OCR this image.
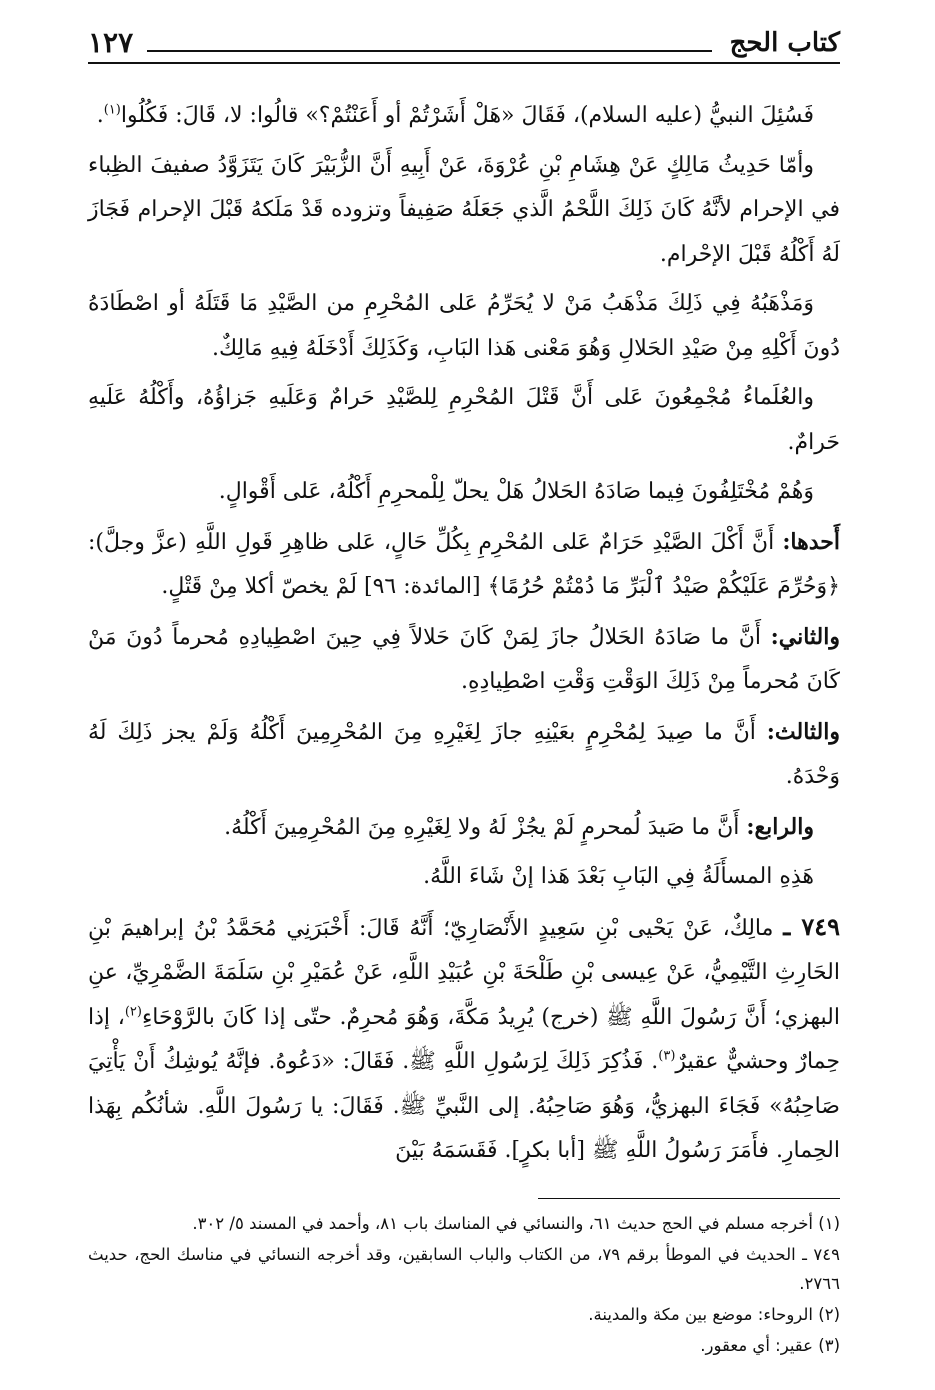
كتاب الحج
١٢٧

فَسُئِلَ النبيُّ (عليه السلام)، فَقَالَ «هَلْ أَشَرْتُمْ أو أَعَنْتُمْ؟» قالُوا: لا، قَالَ: فَكُلُوا$^{(١)}$.

وأمّا حَدِيثُ مَالِكٍ عَنْ هِشَامِ بْنِ عُرْوَةَ، عَنْ أَبِيهِ أَنَّ الزُّبَيْرَ كَانَ يَتَزَوَّدُ صفيفَ الظِباء في الإحرام لأنَّهُ كَانَ ذَلِكَ اللَّحْمُ الَّذي جَعَلَهُ صَفِيفاً وتزوده قَدْ مَلَكهُ قَبْلَ الإحرام فَجَازَ لَهُ أَكْلُهُ قَبْلَ الإحْرام.

وَمَذْهَبُهُ فِي ذَلِكَ مَذْهَبُ مَنْ لا يُحَرِّمُ عَلى المُحْرِمِ من الصَّيْدِ مَا قَتَلَهُ أو اصْطَادَهُ دُونَ أَكْلِهِ مِنْ صَيْدِ الحَلالِ وَهُوَ مَعْنى هَذا البَابِ، وَكَذَلِكَ أَدْخَلَهُ فِيهِ مَالِكٌ.

والعُلَماءُ مُجْمِعُونَ عَلى أَنَّ قَتْلَ المُحْرِمِ لِلصَّيْدِ حَرامٌ وَعَلَيهِ جَزاؤُهُ، وأَكْلُهُ عَلَيهِ حَرامٌ.

وَهُمْ مُخْتَلِفُونَ فِيما صَادَهُ الحَلالُ هَلْ يحلّ لِلْمحرِمِ أَكْلُهُ، عَلى أَقْوالٍ.

أَحدها: أَنَّ أَكْلَ الصَّيْدِ حَرَامٌ عَلى المُحْرِمِ بِكُلِّ حَالٍ، عَلى ظاهِرِ قَولِ اللَّهِ (عزَّ وجلَّ): ﴿وَحُرِّمَ عَلَيْكُمْ صَيْدُ ٱلْبَرِّ مَا دُمْتُمْ حُرُمًا﴾ [المائدة: ٩٦] لَمْ يخصّ أكلا مِنْ قَتْلٍ.

والثاني: أَنَّ ما صَادَهُ الحَلالُ جازَ لِمَنْ كَانَ حَلالاً فِي حِينَ اصْطِيادِهِ مُحرماً دُونَ مَنْ كَانَ مُحرماً مِنْ ذَلِكَ الوَقْتِ وَقْتِ اصْطِيادِهِ.

والثالث: أَنَّ ما صِيدَ لِمُحْرِمٍ بعَيْنِهِ جازَ لِغَيْرِهِ مِنَ المُحْرِمِينَ أَكْلُهُ وَلَمْ يجز ذَلِكَ لَهُ وَحْدَهُ.

والرابع: أَنَّ ما صَيدَ لُمحرمٍ لَمْ يجُزْ لَهُ ولا لِغَيْرِهِ مِنَ المُحْرِمِينَ أَكْلُهُ.

هَذِهِ المسأَلَةُ فِي البَابِ بَعْدَ هَذا إنْ شَاءَ اللَّهُ.

٧٤٩ ـ مالِكٌ، عَنْ يَحْيى بْنِ سَعِيدٍ الأَنْصَارِيّ؛ أَنَّهُ قَالَ: أَخْبَرَنِي مُحَمَّدُ بْنُ إبراهيمَ بْنِ الحَارِثِ التَّيْمِيُّ، عَنْ عِيسى بْنِ طَلْحَةَ بْنِ عُبَيْدِ اللَّهِ، عَنْ عُمَيْرِ بْنِ سَلَمَةَ الضَّمْرِيِّ، عنِ البهزي؛ أَنَّ رَسُولَ اللَّهِ ﷺ (خرج) يُرِيدُ مَكَّةَ، وَهُوَ مُحرِمٌ. حتّى إذا كَانَ بالرَّوْحَاءِ$^{(٢)}$، إذا حِمارٌ وحشيٌّ عقيرٌ$^{(٣)}$. فَذُكِرَ ذَلِكَ لِرَسُولِ اللَّهِ ﷺ. فَقَالَ: «دَعُوهُ. فإنَّهُ يُوشِكُ أَنْ يَأْتِيَ صَاحِبُهُ» فَجَاءَ البهزيُّ، وَهُوَ صَاحِبُهُ. إلى النَّبيِّ ﷺ. فَقَالَ: يا رَسُولَ اللَّهِ. شأنُكُم بِهَذا الحِمارِ. فأَمَرَ رَسُولُ اللَّهِ ﷺ [أبا بكرٍ]. فَقَسَمَهُ بَيْنَ

(١) أخرجه مسلم في الحج حديث ٦١، والنسائي في المناسك باب ٨١، وأحمد في المسند ٥/ ٣٠٢.

٧٤٩ ـ الحديث في الموطأ برقم ٧٩، من الكتاب والباب السابقين، وقد أخرجه النسائي في مناسك الحج، حديث ٢٧٦٦.

(٢) الروحاء: موضع بين مكة والمدينة.

(٣) عقير: أي معقور.
